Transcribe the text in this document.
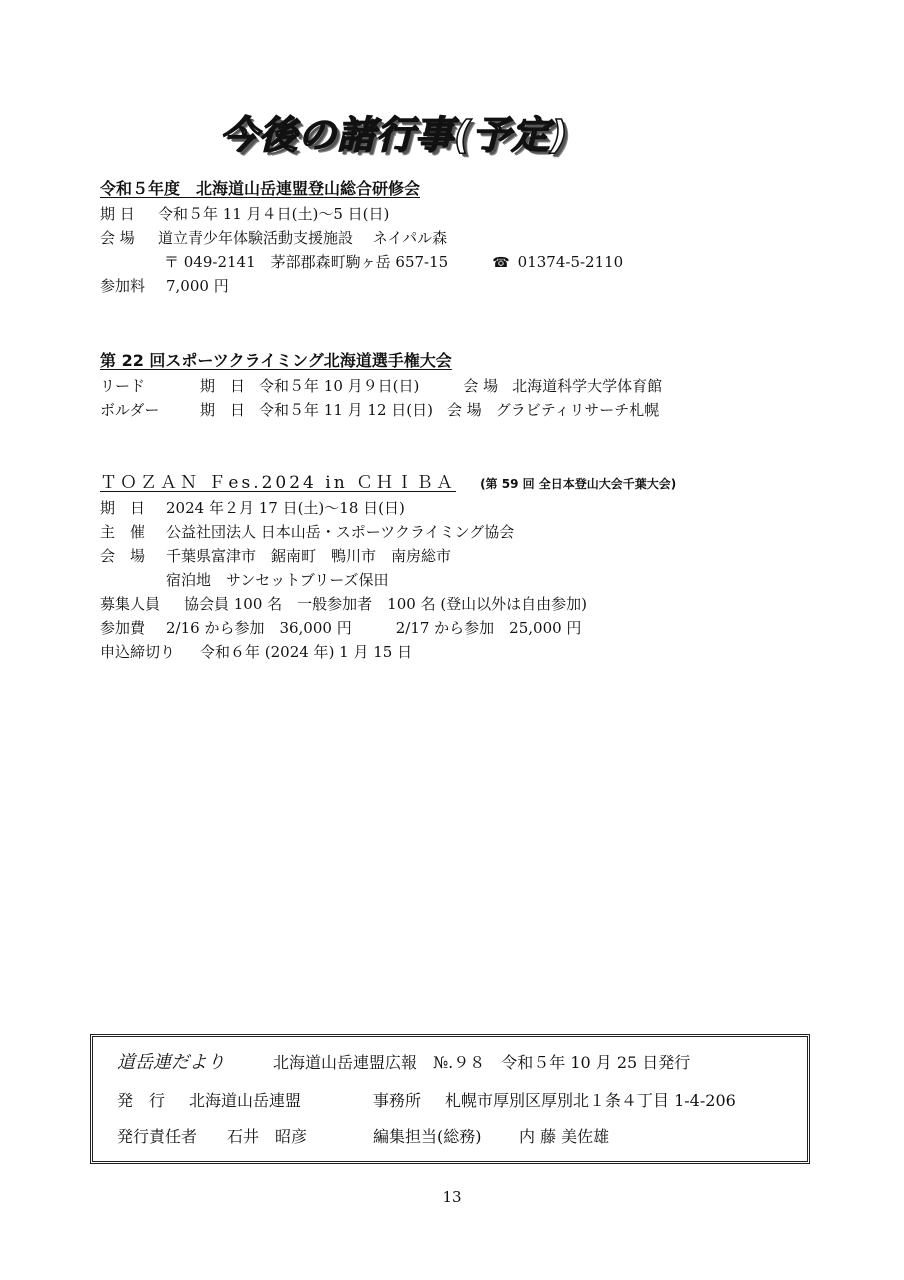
今後の諸行事(予定)
令和５年度　北海道山岳連盟登山総合研修会
期 日 令和５年 11 月４日(土)～5 日(日)
会 場 道立青少年体験活動支援施設　 ネイパル森
〒 049-2141　茅部郡森町駒ヶ岳 657-15	☎ 01374-5-2110
参加料 7,000 円
第 22 回スポーツクライミング北海道選手権大会
リード	期　日 令和５年 10 月９日(日)	会 場 北海道科学大学体育館
ボルダー	期　日 令和５年 11 月 12 日(日) 会 場 グラビティリサーチ札幌
ＴＯＺＡＮ Ｆes.2024 in ＣＨＩＢＡ (第 59 回 全日本登山大会千葉大会)
期　日 2024 年２月 17 日(土)～18 日(日)
主　催 公益社団法人 日本山岳・スポーツクライミング協会
会　場 千葉県富津市　鋸南町　鴨川市　南房総市
宿泊地　サンセットブリーズ保田
募集人員 協会員 100 名　一般参加者　100 名 (登山以外は自由参加)
参加費 2/16 から参加　36,000 円	2/17 から参加　25,000 円
申込締切り 令和６年 (2024 年) 1 月 15 日
道岳連だより	北海道山岳連盟広報　№.９８　令和５年 10 月 25 日発行
発　行 北海道山岳連盟	事務所 札幌市厚別区厚別北１条４丁目 1-4-206
発行責任者 石井　昭彦	編集担当(総務) 内 藤 美佐雄
13
